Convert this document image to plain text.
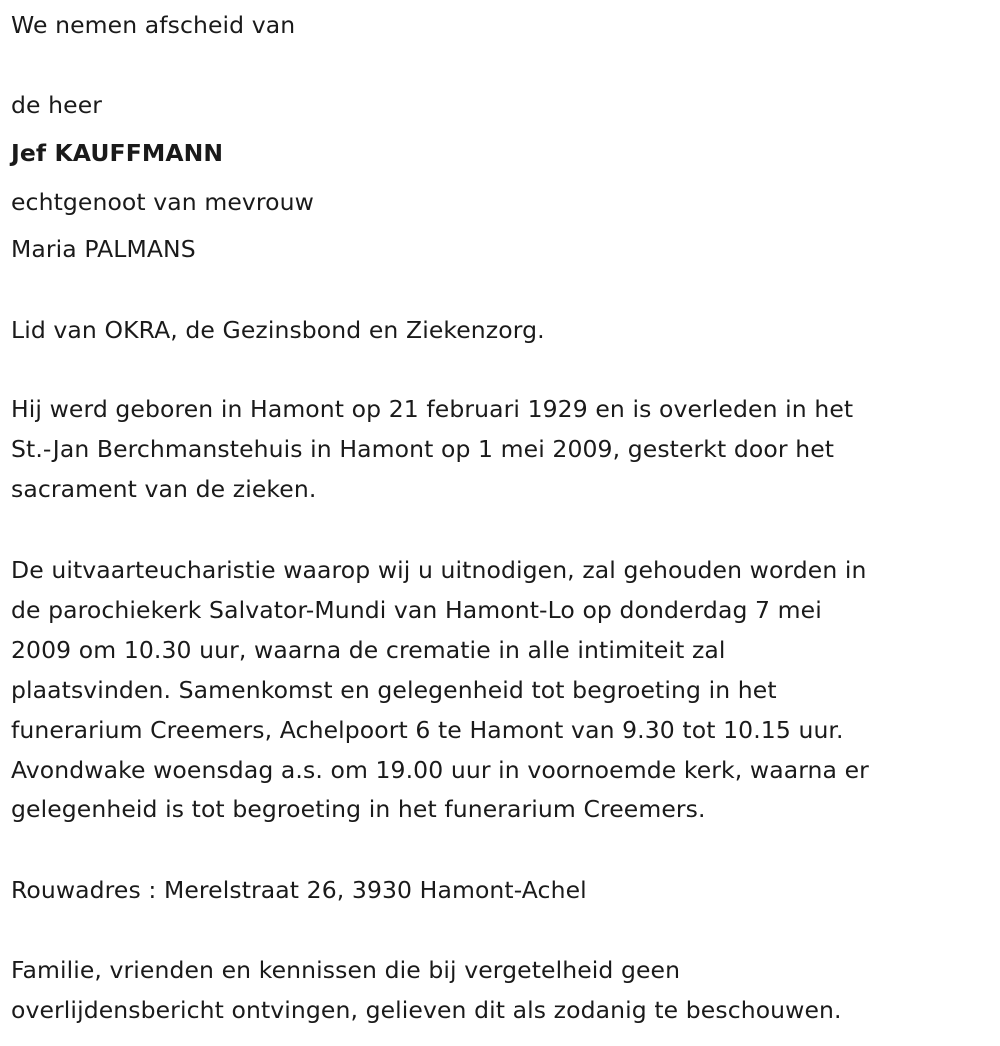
We nemen afscheid van
de heer
Jef KAUFFMANN
echtgenoot van mevrouw
Maria PALMANS
Lid van OKRA, de Gezinsbond en Ziekenzorg.
Hij werd geboren in Hamont op 21 februari 1929 en is overleden in het
St.-Jan Berchmanstehuis in Hamont op 1 mei 2009, gesterkt door het
sacrament van de zieken.
De uitvaarteucharistie waarop wij u uitnodigen, zal gehouden worden in
de parochiekerk Salvator-Mundi van Hamont-Lo op donderdag 7 mei
2009 om 10.30 uur, waarna de crematie in alle intimiteit zal
plaatsvinden. Samenkomst en gelegenheid tot begroeting in het
funerarium Creemers, Achelpoort 6 te Hamont van 9.30 tot 10.15 uur.
Avondwake woensdag a.s. om 19.00 uur in voornoemde kerk, waarna er
gelegenheid is tot begroeting in het funerarium Creemers.
Rouwadres : Merelstraat 26, 3930 Hamont-Achel
Familie, vrienden en kennissen die bij vergetelheid geen
overlijdensbericht ontvingen, gelieven dit als zodanig te beschouwen.
